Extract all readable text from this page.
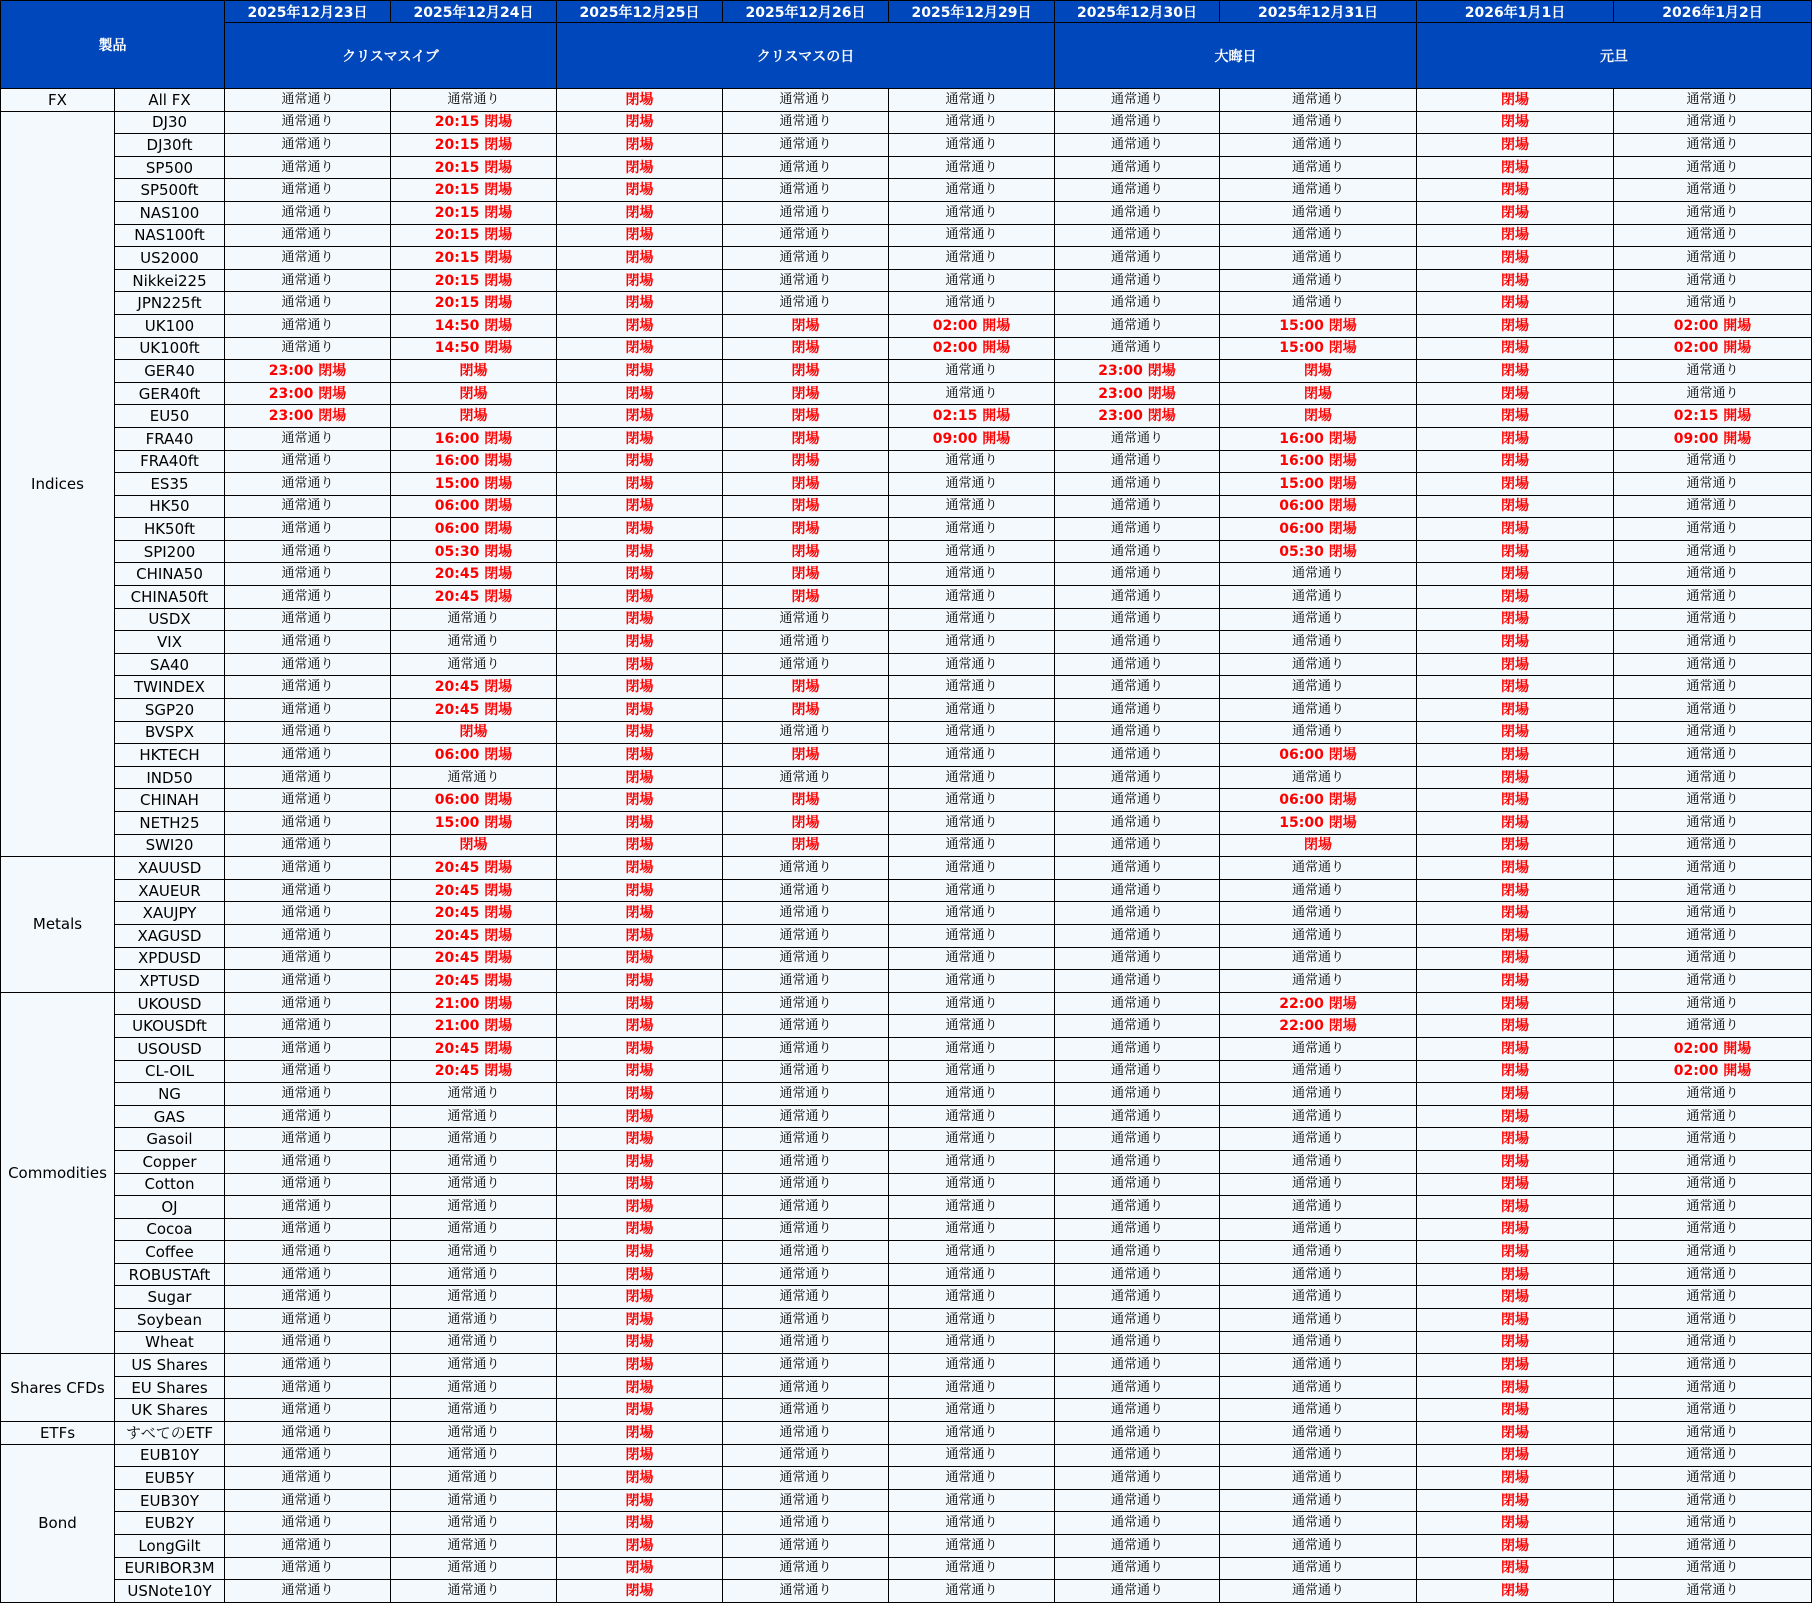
製品		2025年12月23日	2025年12月24日	2025年12月25日	2025年12月26日	2025年12月29日	2025年12月30日	2025年12月31日	2026年1月1日	2026年1月2日
		クリスマスイブ		クリスマスの日			大晦日		元旦	
FX	All FX	通常通り	通常通り	閉場	通常通り	通常通り	通常通り	通常通り	閉場	通常通り
Indices	DJ30	通常通り	20:15 閉場	閉場	通常通り	通常通り	通常通り	通常通り	閉場	通常通り
	DJ30ft	通常通り	20:15 閉場	閉場	通常通り	通常通り	通常通り	通常通り	閉場	通常通り
	SP500	通常通り	20:15 閉場	閉場	通常通り	通常通り	通常通り	通常通り	閉場	通常通り
	SP500ft	通常通り	20:15 閉場	閉場	通常通り	通常通り	通常通り	通常通り	閉場	通常通り
	NAS100	通常通り	20:15 閉場	閉場	通常通り	通常通り	通常通り	通常通り	閉場	通常通り
	NAS100ft	通常通り	20:15 閉場	閉場	通常通り	通常通り	通常通り	通常通り	閉場	通常通り
	US2000	通常通り	20:15 閉場	閉場	通常通り	通常通り	通常通り	通常通り	閉場	通常通り
	Nikkei225	通常通り	20:15 閉場	閉場	通常通り	通常通り	通常通り	通常通り	閉場	通常通り
	JPN225ft	通常通り	20:15 閉場	閉場	通常通り	通常通り	通常通り	通常通り	閉場	通常通り
	UK100	通常通り	14:50 閉場	閉場	閉場	02:00 開場	通常通り	15:00 閉場	閉場	02:00 開場
	UK100ft	通常通り	14:50 閉場	閉場	閉場	02:00 開場	通常通り	15:00 閉場	閉場	02:00 開場
	GER40	23:00 閉場	閉場	閉場	閉場	通常通り	23:00 閉場	閉場	閉場	通常通り
	GER40ft	23:00 閉場	閉場	閉場	閉場	通常通り	23:00 閉場	閉場	閉場	通常通り
	EU50	23:00 閉場	閉場	閉場	閉場	02:15 開場	23:00 閉場	閉場	閉場	02:15 開場
	FRA40	通常通り	16:00 閉場	閉場	閉場	09:00 開場	通常通り	16:00 閉場	閉場	09:00 開場
	FRA40ft	通常通り	16:00 閉場	閉場	閉場	通常通り	通常通り	16:00 閉場	閉場	通常通り
	ES35	通常通り	15:00 閉場	閉場	閉場	通常通り	通常通り	15:00 閉場	閉場	通常通り
	HK50	通常通り	06:00 閉場	閉場	閉場	通常通り	通常通り	06:00 閉場	閉場	通常通り
	HK50ft	通常通り	06:00 閉場	閉場	閉場	通常通り	通常通り	06:00 閉場	閉場	通常通り
	SPI200	通常通り	05:30 閉場	閉場	閉場	通常通り	通常通り	05:30 閉場	閉場	通常通り
	CHINA50	通常通り	20:45 閉場	閉場	閉場	通常通り	通常通り	通常通り	閉場	通常通り
	CHINA50ft	通常通り	20:45 閉場	閉場	閉場	通常通り	通常通り	通常通り	閉場	通常通り
	USDX	通常通り	通常通り	閉場	通常通り	通常通り	通常通り	通常通り	閉場	通常通り
	VIX	通常通り	通常通り	閉場	通常通り	通常通り	通常通り	通常通り	閉場	通常通り
	SA40	通常通り	通常通り	閉場	通常通り	通常通り	通常通り	通常通り	閉場	通常通り
	TWINDEX	通常通り	20:45 閉場	閉場	閉場	通常通り	通常通り	通常通り	閉場	通常通り
	SGP20	通常通り	20:45 閉場	閉場	閉場	通常通り	通常通り	通常通り	閉場	通常通り
	BVSPX	通常通り	閉場	閉場	通常通り	通常通り	通常通り	通常通り	閉場	通常通り
	HKTECH	通常通り	06:00 閉場	閉場	閉場	通常通り	通常通り	06:00 閉場	閉場	通常通り
	IND50	通常通り	通常通り	閉場	通常通り	通常通り	通常通り	通常通り	閉場	通常通り
	CHINAH	通常通り	06:00 閉場	閉場	閉場	通常通り	通常通り	06:00 閉場	閉場	通常通り
	NETH25	通常通り	15:00 閉場	閉場	閉場	通常通り	通常通り	15:00 閉場	閉場	通常通り
	SWI20	通常通り	閉場	閉場	閉場	通常通り	通常通り	閉場	閉場	通常通り
Metals	XAUUSD	通常通り	20:45 閉場	閉場	通常通り	通常通り	通常通り	通常通り	閉場	通常通り
	XAUEUR	通常通り	20:45 閉場	閉場	通常通り	通常通り	通常通り	通常通り	閉場	通常通り
	XAUJPY	通常通り	20:45 閉場	閉場	通常通り	通常通り	通常通り	通常通り	閉場	通常通り
	XAGUSD	通常通り	20:45 閉場	閉場	通常通り	通常通り	通常通り	通常通り	閉場	通常通り
	XPDUSD	通常通り	20:45 閉場	閉場	通常通り	通常通り	通常通り	通常通り	閉場	通常通り
	XPTUSD	通常通り	20:45 閉場	閉場	通常通り	通常通り	通常通り	通常通り	閉場	通常通り
Commodities	UKOUSD	通常通り	21:00 閉場	閉場	通常通り	通常通り	通常通り	22:00 閉場	閉場	通常通り
	UKOUSDft	通常通り	21:00 閉場	閉場	通常通り	通常通り	通常通り	22:00 閉場	閉場	通常通り
	USOUSD	通常通り	20:45 閉場	閉場	通常通り	通常通り	通常通り	通常通り	閉場	02:00 開場
	CL-OIL	通常通り	20:45 閉場	閉場	通常通り	通常通り	通常通り	通常通り	閉場	02:00 開場
	NG	通常通り	通常通り	閉場	通常通り	通常通り	通常通り	通常通り	閉場	通常通り
	GAS	通常通り	通常通り	閉場	通常通り	通常通り	通常通り	通常通り	閉場	通常通り
	Gasoil	通常通り	通常通り	閉場	通常通り	通常通り	通常通り	通常通り	閉場	通常通り
	Copper	通常通り	通常通り	閉場	通常通り	通常通り	通常通り	通常通り	閉場	通常通り
	Cotton	通常通り	通常通り	閉場	通常通り	通常通り	通常通り	通常通り	閉場	通常通り
	OJ	通常通り	通常通り	閉場	通常通り	通常通り	通常通り	通常通り	閉場	通常通り
	Cocoa	通常通り	通常通り	閉場	通常通り	通常通り	通常通り	通常通り	閉場	通常通り
	Coffee	通常通り	通常通り	閉場	通常通り	通常通り	通常通り	通常通り	閉場	通常通り
	ROBUSTAft	通常通り	通常通り	閉場	通常通り	通常通り	通常通り	通常通り	閉場	通常通り
	Sugar	通常通り	通常通り	閉場	通常通り	通常通り	通常通り	通常通り	閉場	通常通り
	Soybean	通常通り	通常通り	閉場	通常通り	通常通り	通常通り	通常通り	閉場	通常通り
	Wheat	通常通り	通常通り	閉場	通常通り	通常通り	通常通り	通常通り	閉場	通常通り
Shares CFDs	US Shares	通常通り	通常通り	閉場	通常通り	通常通り	通常通り	通常通り	閉場	通常通り
	EU Shares	通常通り	通常通り	閉場	通常通り	通常通り	通常通り	通常通り	閉場	通常通り
	UK Shares	通常通り	通常通り	閉場	通常通り	通常通り	通常通り	通常通り	閉場	通常通り
ETFs	すべてのETF	通常通り	通常通り	閉場	通常通り	通常通り	通常通り	通常通り	閉場	通常通り
Bond	EUB10Y	通常通り	通常通り	閉場	通常通り	通常通り	通常通り	通常通り	閉場	通常通り
	EUB5Y	通常通り	通常通り	閉場	通常通り	通常通り	通常通り	通常通り	閉場	通常通り
	EUB30Y	通常通り	通常通り	閉場	通常通り	通常通り	通常通り	通常通り	閉場	通常通り
	EUB2Y	通常通り	通常通り	閉場	通常通り	通常通り	通常通り	通常通り	閉場	通常通り
	LongGilt	通常通り	通常通り	閉場	通常通り	通常通り	通常通り	通常通り	閉場	通常通り
	EURIBOR3M	通常通り	通常通り	閉場	通常通り	通常通り	通常通り	通常通り	閉場	通常通り
	USNote10Y	通常通り	通常通り	閉場	通常通り	通常通り	通常通り	通常通り	閉場	通常通り
